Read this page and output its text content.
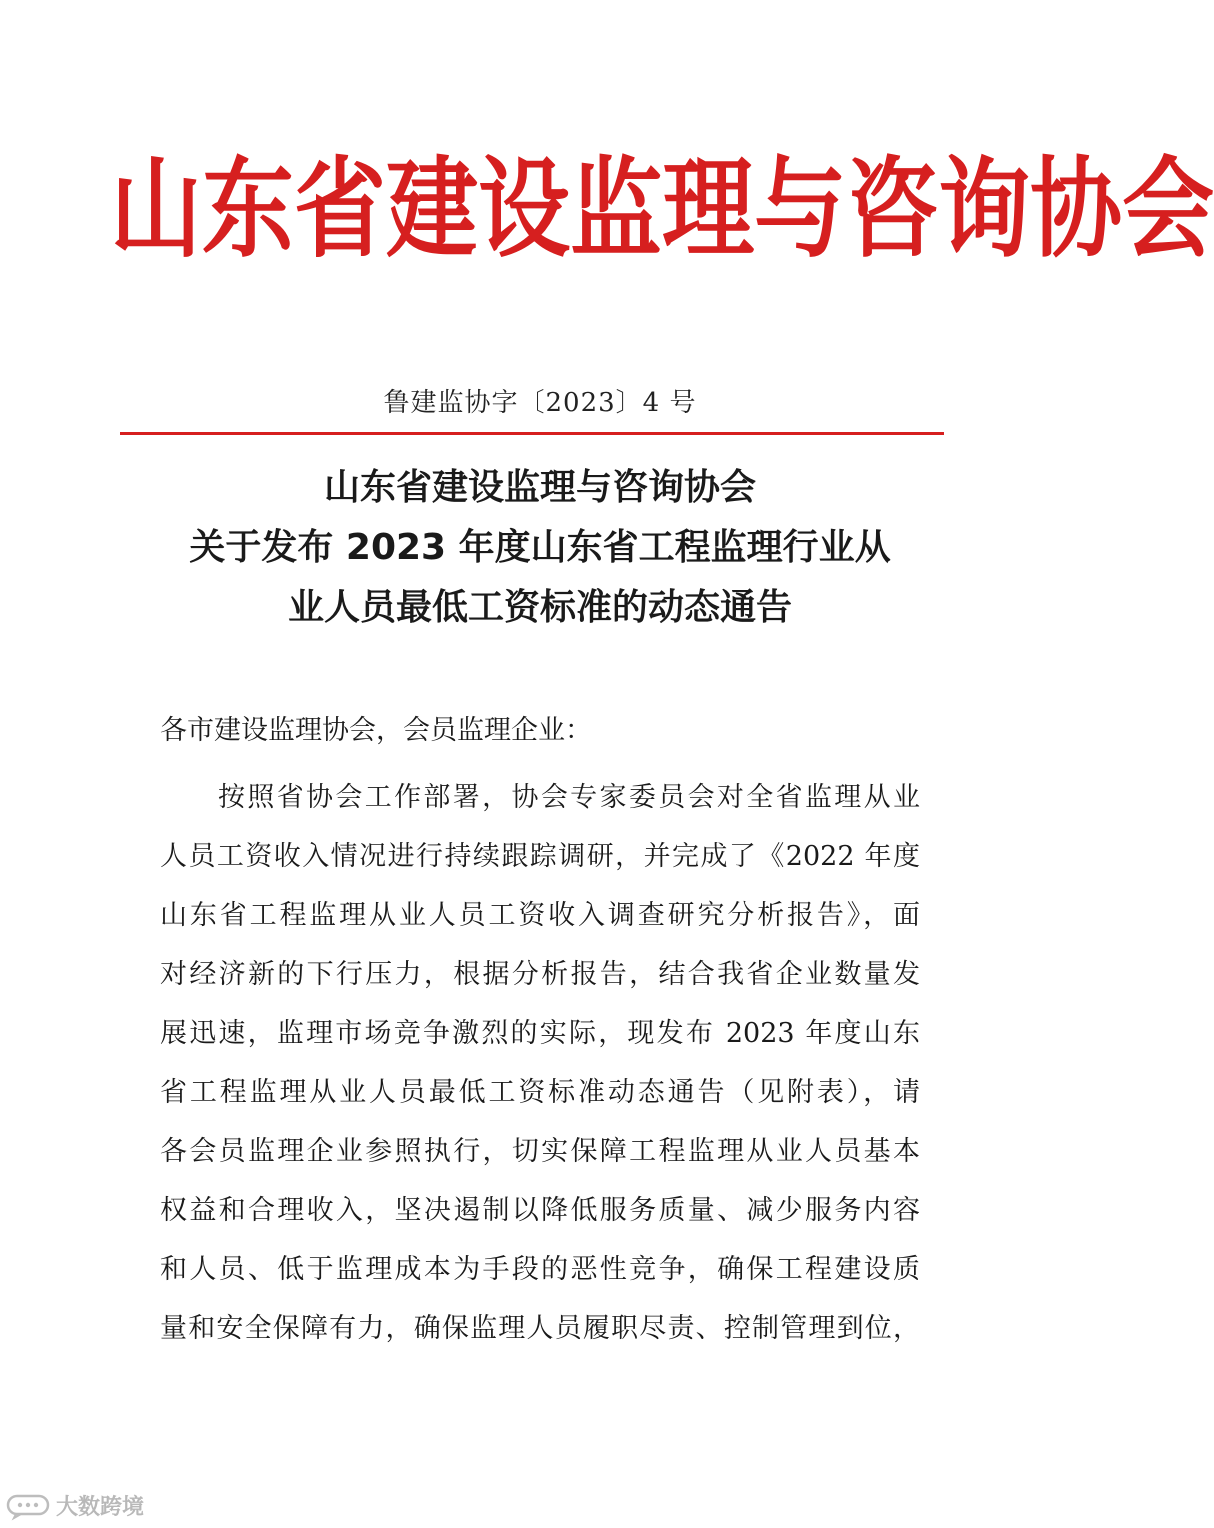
山 东 省 建 设 监 理 与 咨 询 协 会
鲁建监协字〔2023〕4 号
山东省建设监理与咨询协会
关于发布 2023 年度山东省工程监理行业从
业人员最低工资标准的动态通告
各市建设监理协会，会员监理企业：
按照省协会工作部署，协会专家委员会对全省监理从业
人员工资收入情况进行持续跟踪调研，并完成了《2022 年度
山东省工程监理从业人员工资收入调查研究分析报告》，面
对经济新的下行压力，根据分析报告，结合我省企业数量发
展迅速，监理市场竞争激烈的实际，现发布 2023 年度山东
省工程监理从业人员最低工资标准动态通告（见附表），请
各会员监理企业参照执行，切实保障工程监理从业人员基本
权益和合理收入，坚决遏制以降低服务质量、减少服务内容
和人员、低于监理成本为手段的恶性竞争，确保工程建设质
量和安全保障有力，确保监理人员履职尽责、控制管理到位，
大数跨境
